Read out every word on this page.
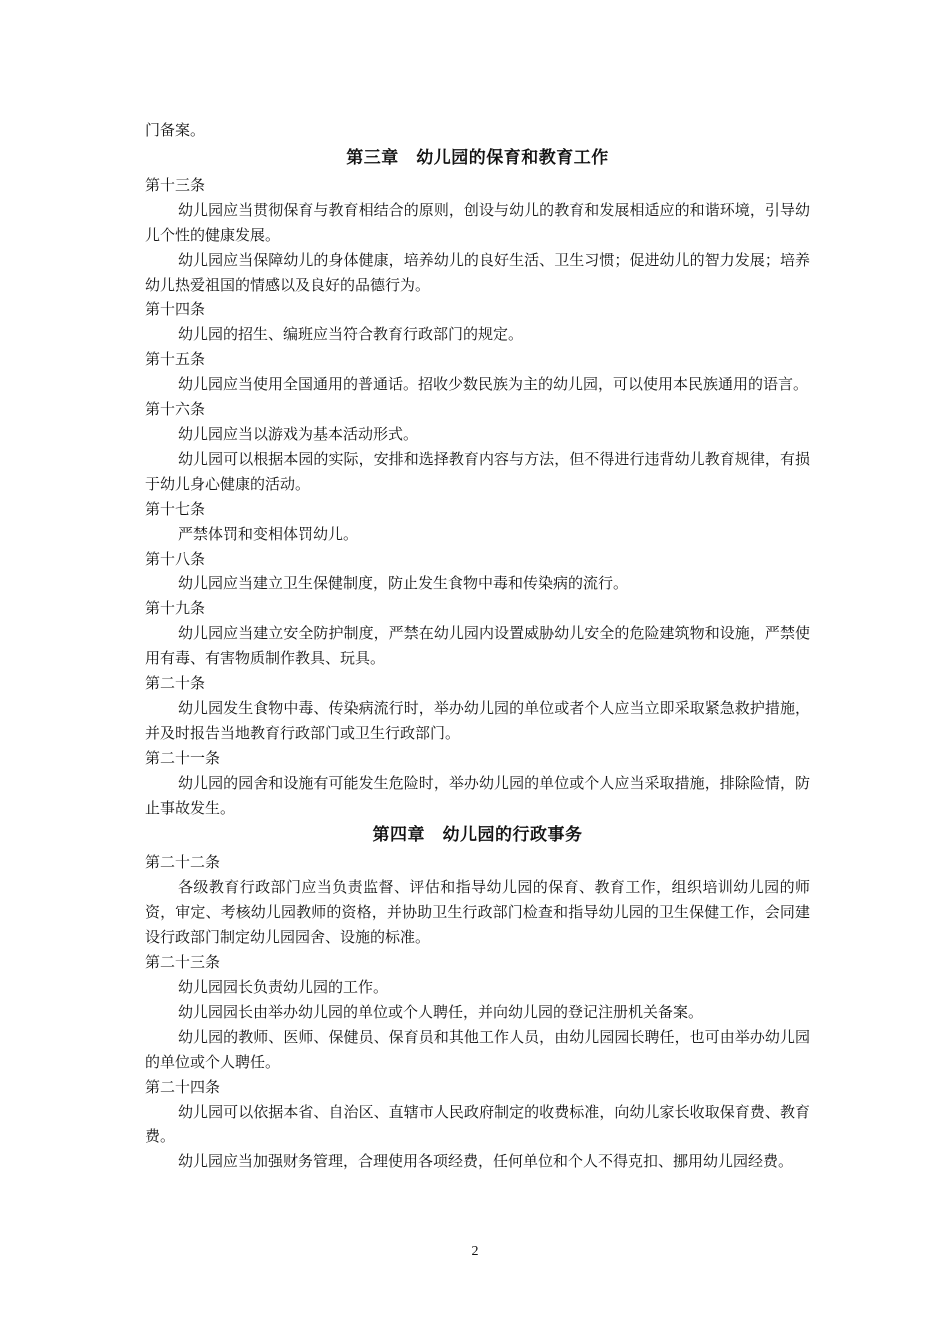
门备案。

第三章　幼儿园的保育和教育工作

第十三条

幼儿园应当贯彻保育与教育相结合的原则，创设与幼儿的教育和发展相适应的和谐环境，引导幼儿个性的健康发展。

幼儿园应当保障幼儿的身体健康，培养幼儿的良好生活、卫生习惯；促进幼儿的智力发展；培养幼儿热爱祖国的情感以及良好的品德行为。

第十四条

幼儿园的招生、编班应当符合教育行政部门的规定。

第十五条

幼儿园应当使用全国通用的普通话。招收少数民族为主的幼儿园，可以使用本民族通用的语言。

第十六条

幼儿园应当以游戏为基本活动形式。

幼儿园可以根据本园的实际，安排和选择教育内容与方法，但不得进行违背幼儿教育规律，有损于幼儿身心健康的活动。

第十七条

严禁体罚和变相体罚幼儿。

第十八条

幼儿园应当建立卫生保健制度，防止发生食物中毒和传染病的流行。

第十九条

幼儿园应当建立安全防护制度，严禁在幼儿园内设置威胁幼儿安全的危险建筑物和设施，严禁使用有毒、有害物质制作教具、玩具。

第二十条

幼儿园发生食物中毒、传染病流行时，举办幼儿园的单位或者个人应当立即采取紧急救护措施，并及时报告当地教育行政部门或卫生行政部门。

第二十一条

幼儿园的园舍和设施有可能发生危险时，举办幼儿园的单位或个人应当采取措施，排除险情，防止事故发生。

第四章　幼儿园的行政事务

第二十二条

各级教育行政部门应当负责监督、评估和指导幼儿园的保育、教育工作，组织培训幼儿园的师资，审定、考核幼儿园教师的资格，并协助卫生行政部门检查和指导幼儿园的卫生保健工作，会同建设行政部门制定幼儿园园舍、设施的标准。

第二十三条

幼儿园园长负责幼儿园的工作。

幼儿园园长由举办幼儿园的单位或个人聘任，并向幼儿园的登记注册机关备案。

幼儿园的教师、医师、保健员、保育员和其他工作人员，由幼儿园园长聘任，也可由举办幼儿园的单位或个人聘任。

第二十四条

幼儿园可以依据本省、自治区、直辖市人民政府制定的收费标准，向幼儿家长收取保育费、教育费。

幼儿园应当加强财务管理，合理使用各项经费，任何单位和个人不得克扣、挪用幼儿园经费。

2
